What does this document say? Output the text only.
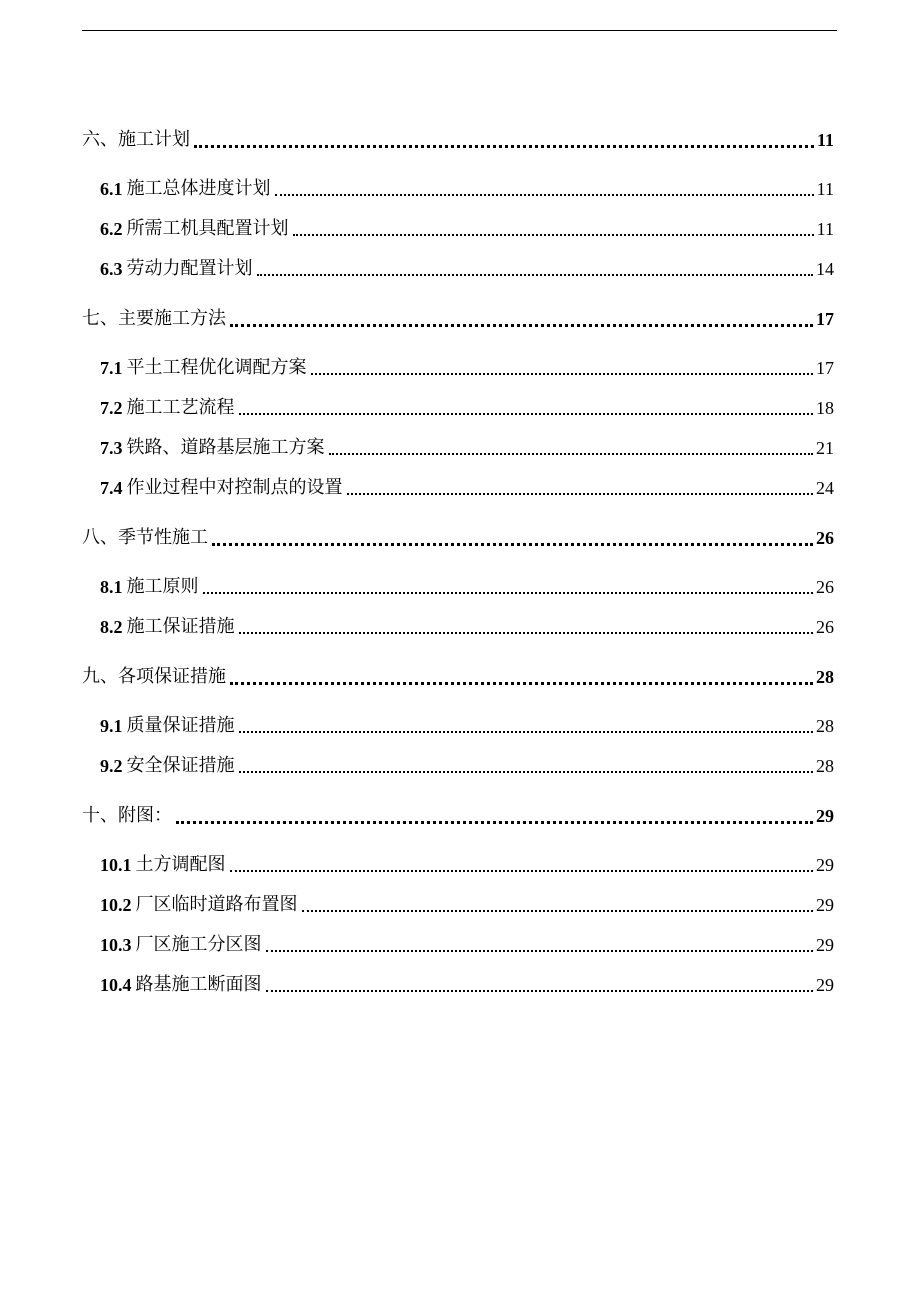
六、施工计划	11
6.1 施工总体进度计划	11
6.2 所需工机具配置计划	11
6.3 劳动力配置计划	14
七、主要施工方法	17
7.1 平土工程优化调配方案	17
7.2 施工工艺流程	18
7.3 铁路、道路基层施工方案	21
7.4 作业过程中对控制点的设置	24
八、季节性施工	26
8.1 施工原则	26
8.2 施工保证措施	26
九、各项保证措施	28
9.1 质量保证措施	28
9.2 安全保证措施	28
十、附图：	29
10.1 土方调配图	29
10.2 厂区临时道路布置图	29
10.3 厂区施工分区图	29
10.4 路基施工断面图	29
